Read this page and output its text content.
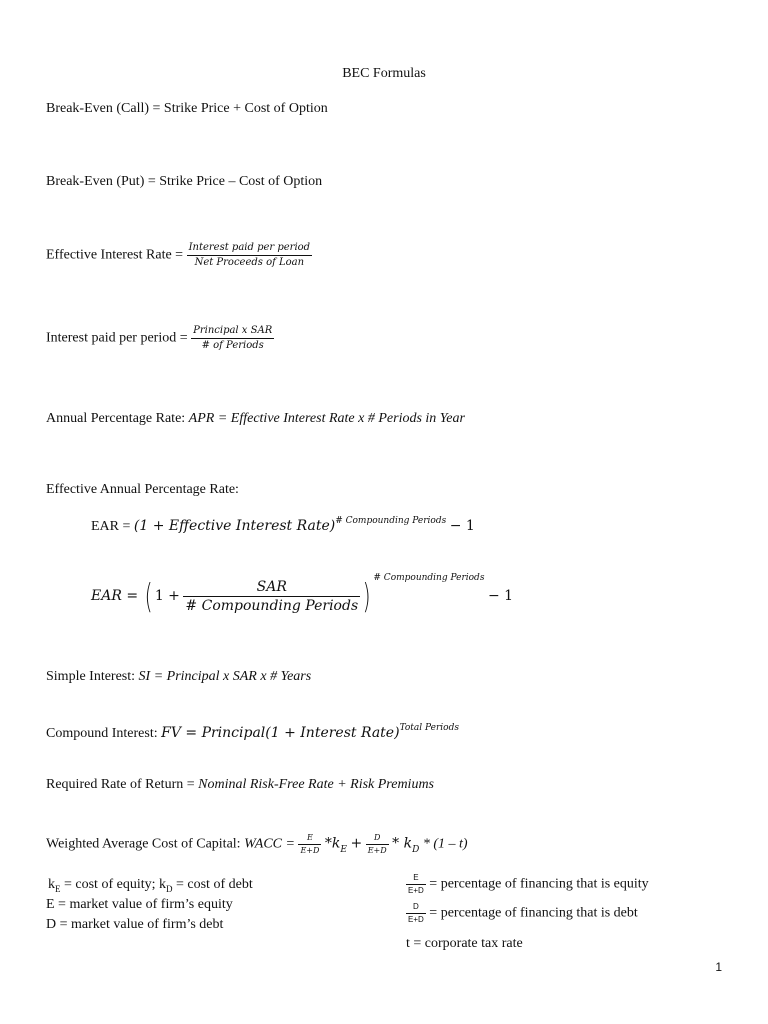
BEC Formulas
Break-Even (Call) = Strike Price + Cost of Option
Break-Even (Put) = Strike Price – Cost of Option
Effective Interest Rate = $\frac{\text{Interest paid per period}}{\text{Net Proceeds of Loan}}$
Interest paid per period = $\frac{\text{Principal x SAR}}{\text{\# of Periods}}$
Annual Percentage Rate: APR = Effective Interest Rate x # Periods in Year
Effective Annual Percentage Rate:
EAR = (1 + Effective Interest Rate)$^{\# Compounding Periods}$ − 1
EAR = ( $1 + \frac{\text{SAR}}{\text{\# Compounding Periods}}$ ) $^{\# Compounding Periods}$ − 1
Simple Interest: SI = Principal x SAR x # Years
Compound Interest: FV = Principal(1 + Interest Rate)$^{Total Periods}$
Required Rate of Return = Nominal Risk-Free Rate + Risk Premiums
Weighted Average Cost of Capital: WACC = $\frac{E}{E+D} *k_E + \frac{D}{E+D} * k_D * (1 - t)$
$k_E = \cos t$ of equity; $k_D = \cos t$ of debt
E = market value of firm’s equity
D = market value of firm’s debt
$\frac{E}{E+D}$ = percentage of financing that is equity
$\frac{D}{E+D}$ = percentage of financing that is debt
t = corporate tax rate
1
